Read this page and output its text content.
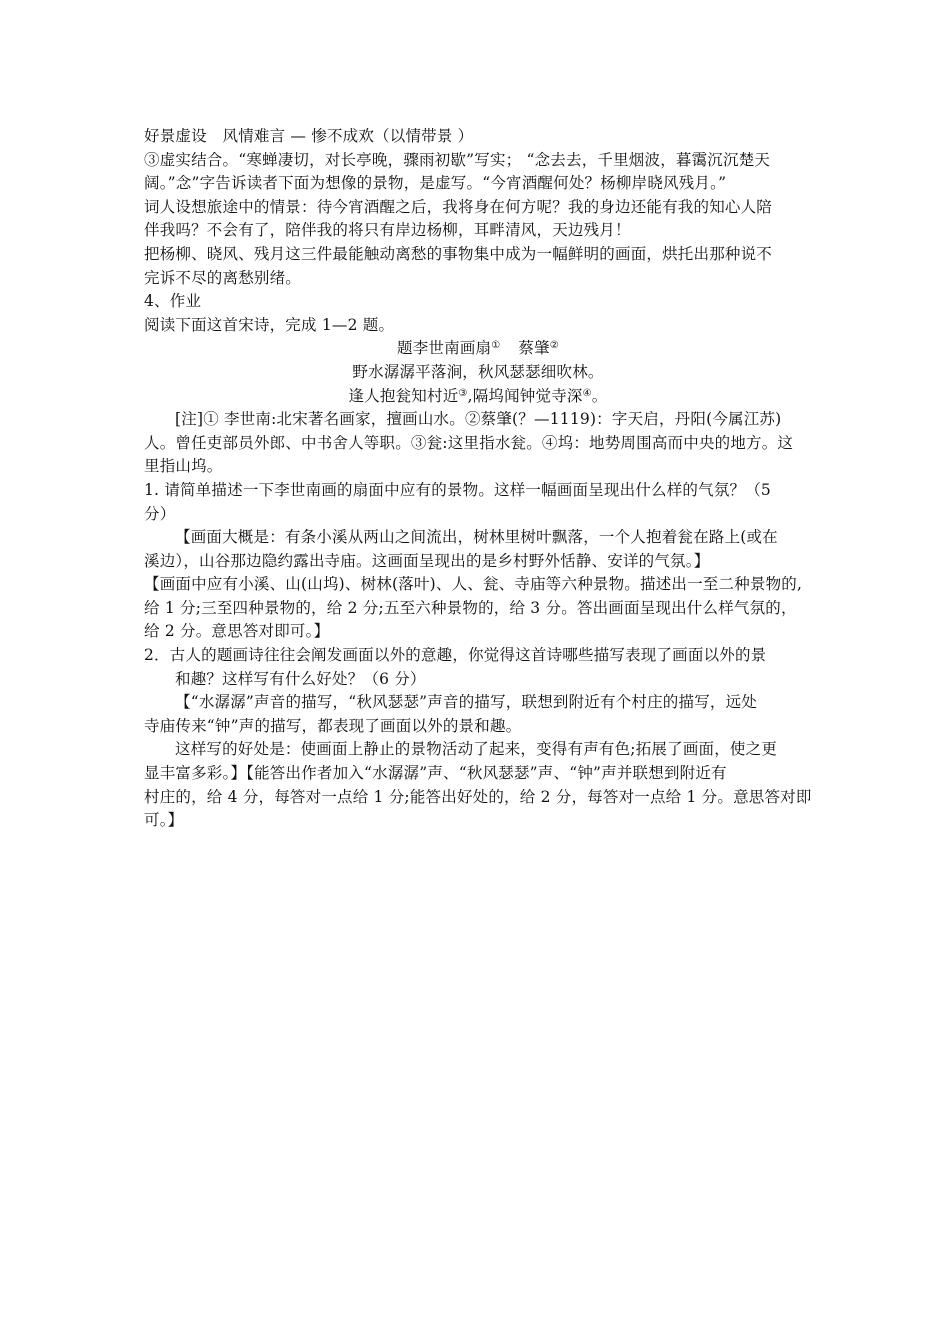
好景虚设　风情难言 — 惨不成欢（以情带景 ）
③虚实结合。“寒蝉凄切，对长亭晚，骤雨初歇”写实； “念去去，千里烟波，暮霭沉沉楚天
阔。”念”字告诉读者下面为想像的景物，是虚写。“今宵酒醒何处？杨柳岸晓风残月。”
词人设想旅途中的情景：待今宵酒醒之后，我将身在何方呢？我的身边还能有我的知心人陪
伴我吗？不会有了，陪伴我的将只有岸边杨柳，耳畔清风，天边残月！
把杨柳、晓风、残月这三件最能触动离愁的事物集中成为一幅鲜明的画面，烘托出那种说不
完诉不尽的离愁别绪。
4、作业
阅读下面这首宋诗，完成 1—2 题。
题李世南画扇① 蔡肇②
野水潺潺平落涧，秋风瑟瑟细吹林。
逢人抱瓮知村近③,隔坞闻钟觉寺深④。
[注]① 李世南:北宋著名画家，擅画山水。②蔡肇(？—1119)：字天启，丹阳(今属江苏)
人。曾任吏部员外郎、中书舍人等职。③瓮:这里指水瓮。④坞：地势周围高而中央的地方。这
里指山坞。
1. 请简单描述一下李世南画的扇面中应有的景物。这样一幅画面呈现出什么样的气氛？（5
分）
【画面大概是：有条小溪从两山之间流出，树林里树叶飘落，一个人抱着瓮在路上(或在
溪边），山谷那边隐约露出寺庙。这画面呈现出的是乡村野外恬静、安详的气氛。】
【画面中应有小溪、山(山坞)、树林(落叶)、人、瓮、寺庙等六种景物。描述出一至二种景物的,
给 1 分;三至四种景物的，给 2 分;五至六种景物的，给 3 分。答出画面呈现出什么样气氛的，
给 2 分。意思答对即可。】
2．古人的题画诗往往会阐发画面以外的意趣，你觉得这首诗哪些描写表现了画面以外的景
和趣？这样写有什么好处？（6 分）
【“水潺潺”声音的描写，“秋风瑟瑟”声音的描写，联想到附近有个村庄的描写，远处
寺庙传来“钟”声的描写，都表现了画面以外的景和趣。
这样写的好处是：使画面上静止的景物活动了起来，变得有声有色;拓展了画面，使之更
显丰富多彩。】【能答出作者加入“水潺潺”声、“秋风瑟瑟”声、“钟”声并联想到附近有
村庄的，给 4 分，每答对一点给 1 分;能答出好处的，给 2 分，每答对一点给 1 分。意思答对即
可。】
